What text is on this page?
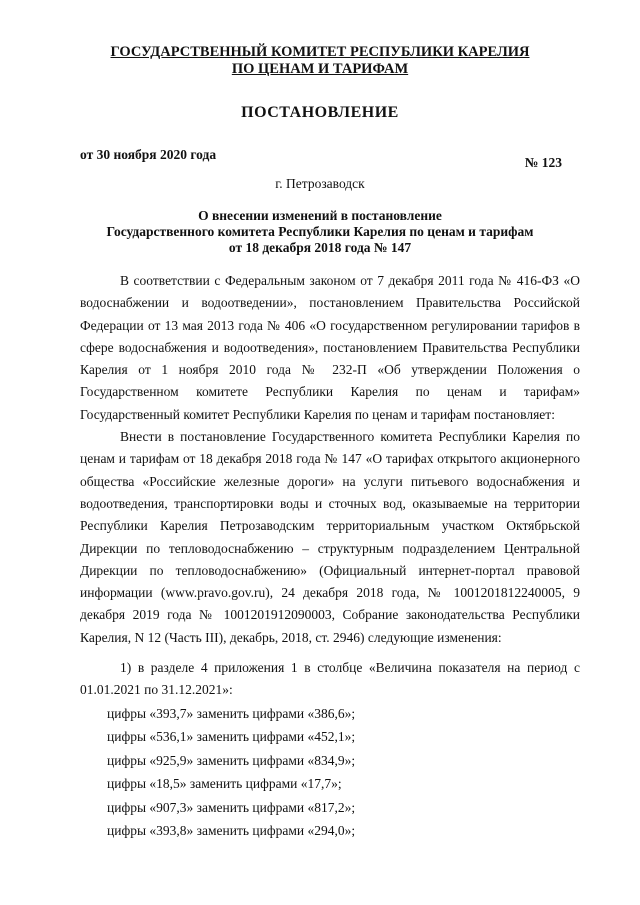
ГОСУДАРСТВЕННЫЙ КОМИТЕТ РЕСПУБЛИКИ КАРЕЛИЯ
ПО ЦЕНАМ И ТАРИФАМ
ПОСТАНОВЛЕНИЕ
от 30 ноября 2020 года
№ 123
г. Петрозаводск
О внесении изменений в постановление
Государственного комитета Республики Карелия по ценам и тарифам
от 18 декабря 2018 года № 147

В соответствии с Федеральным законом от 7 декабря 2011 года № 416-ФЗ «О водоснабжении и водоотведении», постановлением Правительства Российской Федерации от 13 мая 2013 года № 406 «О государственном регулировании тарифов в сфере водоснабжения и водоотведения», постановлением Правительства Республики Карелия от 1 ноября 2010 года № 232-П «Об утверждении Положения о Государственном комитете Республики Карелия по ценам и тарифам» Государственный комитет Республики Карелия по ценам и тарифам постановляет:

Внести в постановление Государственного комитета Республики Карелия по ценам и тарифам от 18 декабря 2018 года № 147 «О тарифах открытого акционерного общества «Российские железные дороги» на услуги питьевого водоснабжения и водоотведения, транспортировки воды и сточных вод, оказываемые на территории Республики Карелия Петрозаводским территориальным участком Октябрьской Дирекции по тепловодоснабжению – структурным подразделением Центральной Дирекции по тепловодоснабжению» (Официальный интернет-портал правовой информации (www.pravo.gov.ru), 24 декабря 2018 года, № 1001201812240005, 9 декабря 2019 года № 1001201912090003, Собрание законодательства Республики Карелия, N 12 (Часть III), декабрь, 2018, ст. 2946) следующие изменения:

1) в разделе 4 приложения 1 в столбце «Величина показателя на период с 01.01.2021 по 31.12.2021»:

цифры «393,7» заменить цифрами «386,6»;
цифры «536,1» заменить цифрами «452,1»;
цифры «925,9» заменить цифрами «834,9»;
цифры «18,5» заменить цифрами «17,7»;
цифры «907,3» заменить цифрами «817,2»;
цифры «393,8» заменить цифрами «294,0»;
